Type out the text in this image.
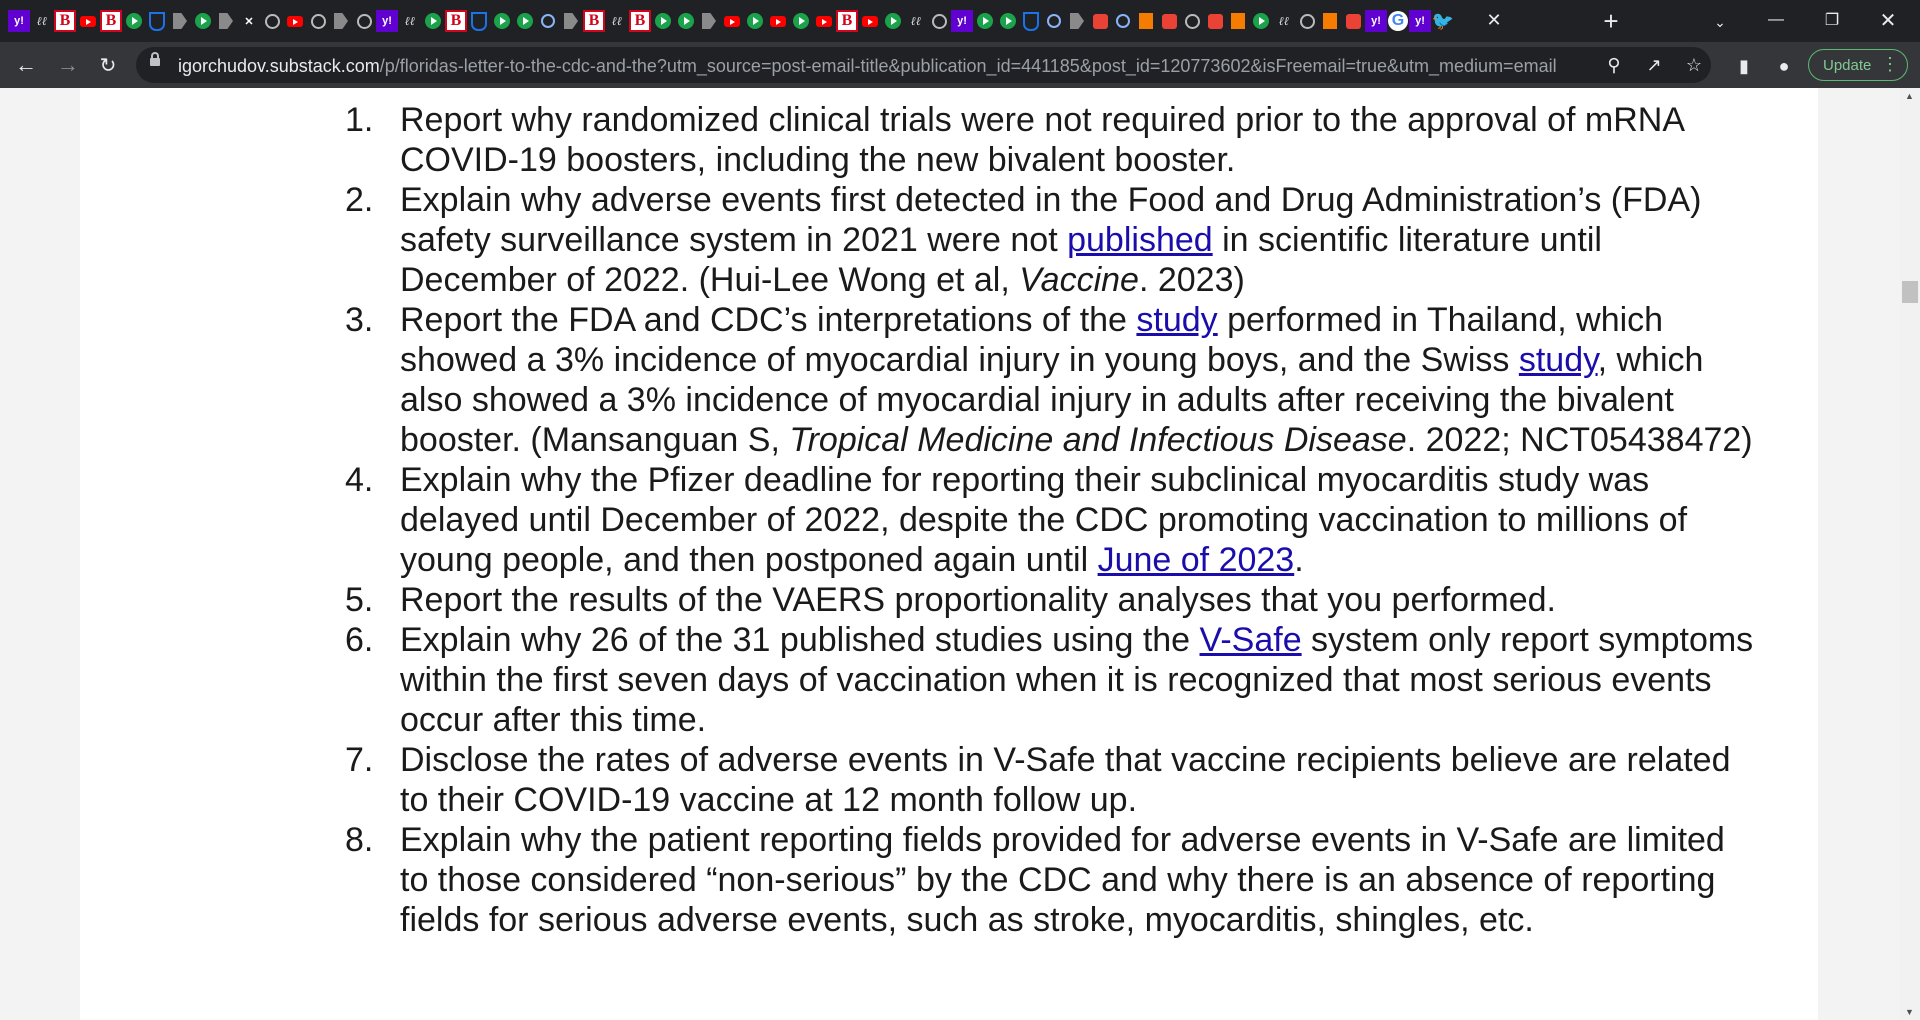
y! ℓℓ B B	✕	y! ℓℓ B	B ℓℓ B	B	ℓℓ	y!	ℓℓ	y! G y! 🐦 ✕	+	⌄	—	❐	✕
← →	↻	igorchudov.substack.com/p/floridas-letter-to-the-cdc-and-the?utm_source=post-email-title&publication_id=441185&post_id=120773602&isFreemail=true&utm_medium=email	⚲	↗ ☆	▮	●	Update ⋮
1. Report why randomized clinical trials were not required prior to the approval of mRNA COVID-19 boosters, including the new bivalent booster.
2. Explain why adverse events first detected in the Food and Drug Administration’s (FDA) safety surveillance system in 2021 were not published in scientific literature until December of 2022. (Hui-Lee Wong et al, Vaccine. 2023)
3. Report the FDA and CDC’s interpretations of the study performed in Thailand, which showed a 3% incidence of myocardial injury in young boys, and the Swiss study, which also showed a 3% incidence of myocardial injury in adults after receiving the bivalent booster. (Mansanguan S, Tropical Medicine and Infectious Disease. 2022; NCT05438472)
4. Explain why the Pfizer deadline for reporting their subclinical myocarditis study was delayed until December of 2022, despite the CDC promoting vaccination to millions of young people, and then postponed again until June of 2023.
5. Report the results of the VAERS proportionality analyses that you performed.
6. Explain why 26 of the 31 published studies using the V-Safe system only report symptoms within the first seven days of vaccination when it is recognized that most serious events occur after this time.
7. Disclose the rates of adverse events in V-Safe that vaccine recipients believe are related to their COVID-19 vaccine at 12 month follow up.
8. Explain why the patient reporting fields provided for adverse events in V-Safe are limited to those considered “non-serious” by the CDC and why there is an absence of reporting fields for serious adverse events, such as stroke, myocarditis, shingles, etc.
▲
▼
